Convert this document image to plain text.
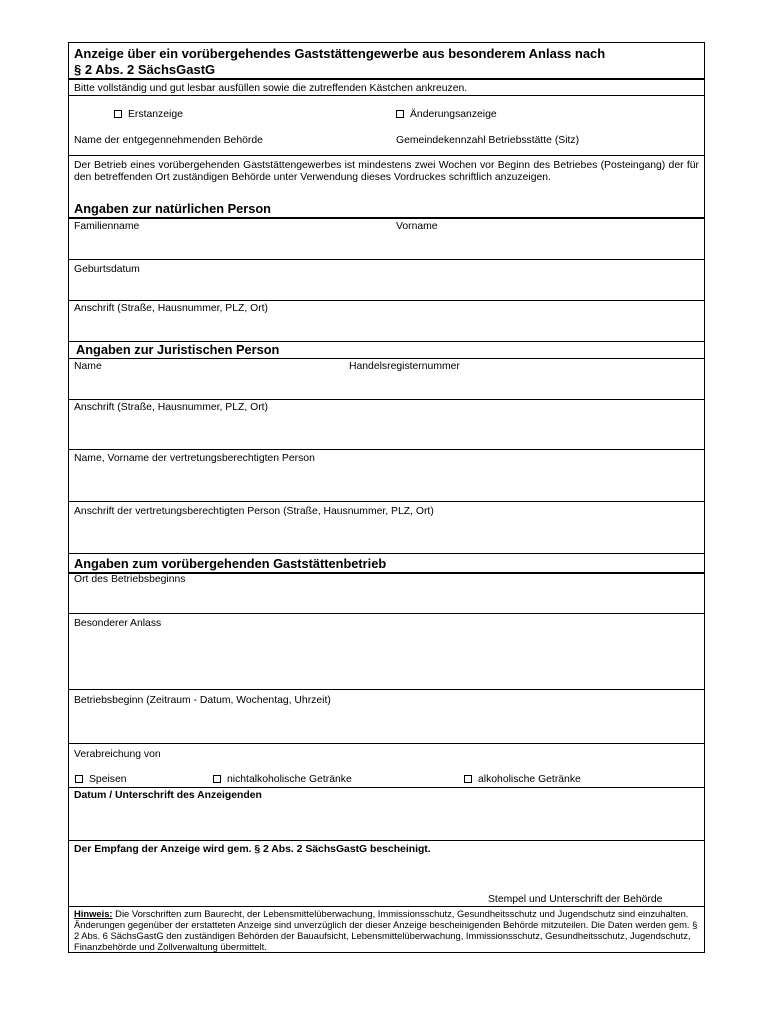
Anzeige über ein vorübergehendes Gaststättengewerbe aus besonderem Anlass nach
§ 2 Abs. 2 SächsGastG
Bitte vollständig und gut lesbar ausfüllen sowie die zutreffenden Kästchen ankreuzen.
Erstanzeige	Änderungsanzeige
Name der entgegennehmenden Behörde	Gemeindekennzahl Betriebsstätte (Sitz)
Der Betrieb eines vorübergehenden Gaststättengewerbes ist mindestens zwei Wochen vor Beginn des Betriebes (Posteingang) der für den betreffenden Ort zuständigen Behörde unter Verwendung dieses Vordruckes schriftlich anzuzeigen.
Angaben zur natürlichen Person
Familienname	Vorname
Geburtsdatum
Anschrift (Straße, Hausnummer, PLZ, Ort)
Angaben zur Juristischen Person
Name	Handelsregisternummer
Anschrift (Straße, Hausnummer, PLZ, Ort)
Name, Vorname der vertretungsberechtigten Person
Anschrift der vertretungsberechtigten Person (Straße, Hausnummer, PLZ, Ort)
Angaben zum vorübergehenden Gaststättenbetrieb
Ort des Betriebsbeginns
Besonderer Anlass
Betriebsbeginn (Zeitraum - Datum, Wochentag, Uhrzeit)
Verabreichung von
Speisen	nichtalkoholische Getränke	alkoholische Getränke
Datum / Unterschrift des Anzeigenden
Der Empfang der Anzeige wird gem. § 2 Abs. 2 SächsGastG bescheinigt.
Stempel und Unterschrift der Behörde
Hinweis: Die Vorschriften zum Baurecht, der Lebensmittelüberwachung, Immissionsschutz, Gesundheitsschutz und Jugendschutz sind einzuhalten. Änderungen gegenüber der erstatteten Anzeige sind unverzüglich der dieser Anzeige bescheinigenden Behörde mitzuteilen. Die Daten werden gem. § 2 Abs. 6 SächsGastG den zuständigen Behörden der Bauaufsicht, Lebensmittelüberwachung, Immissionsschutz, Gesundheitsschutz, Jugendschutz, Finanzbehörde und Zollverwaltung übermittelt.
